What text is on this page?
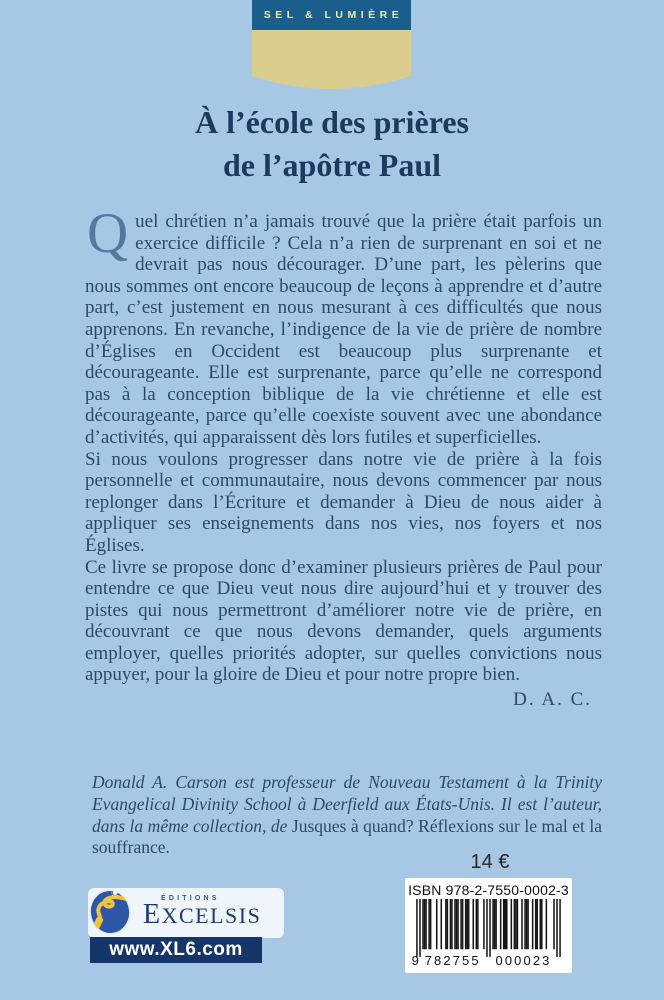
SEL & LUMIÈRE
À l’école des prières
de l’apôtre Paul

Quel chrétien n’a jamais trouvé que la prière était parfois un exercice difficile ? Cela n’a rien de surprenant en soi et ne devrait pas nous décourager. D’une part, les pèlerins que nous sommes ont encore beaucoup de leçons à apprendre et d’autre part, c’est justement en nous mesurant à ces difficultés que nous apprenons. En revanche, l’indigence de la vie de prière de nombre d’Églises en Occident est beaucoup plus surprenante et décourageante. Elle est surprenante, parce qu’elle ne correspond pas à la conception biblique de la vie chrétienne et elle est décourageante, parce qu’elle coexiste souvent avec une abondance d’activités, qui apparaissent dès lors futiles et superficielles.

Si nous voulons progresser dans notre vie de prière à la fois personnelle et communautaire, nous devons commencer par nous replonger dans l’Écriture et demander à Dieu de nous aider à appliquer ses enseignements dans nos vies, nos foyers et nos Églises.

Ce livre se propose donc d’examiner plusieurs prières de Paul pour entendre ce que Dieu veut nous dire aujourd’hui et y trouver des pistes qui nous permettront d’améliorer notre vie de prière, en découvrant ce que nous devons demander, quels arguments employer, quelles priorités adopter, sur quelles convictions nous appuyer, pour la gloire de Dieu et pour notre propre bien.

D. A. C.
Donald A. Carson est professeur de Nouveau Testament à la Trinity Evangelical Divinity School à Deerfield aux États-Unis. Il est l’auteur, dans la même collection, de Jusques à quand? Réflexions sur le mal et la souffrance.
14 €
ISBN 978-2-7550-0002-3
9 782755 000023
ÉDITIONS
EXCELSIS
www.XL6.com
